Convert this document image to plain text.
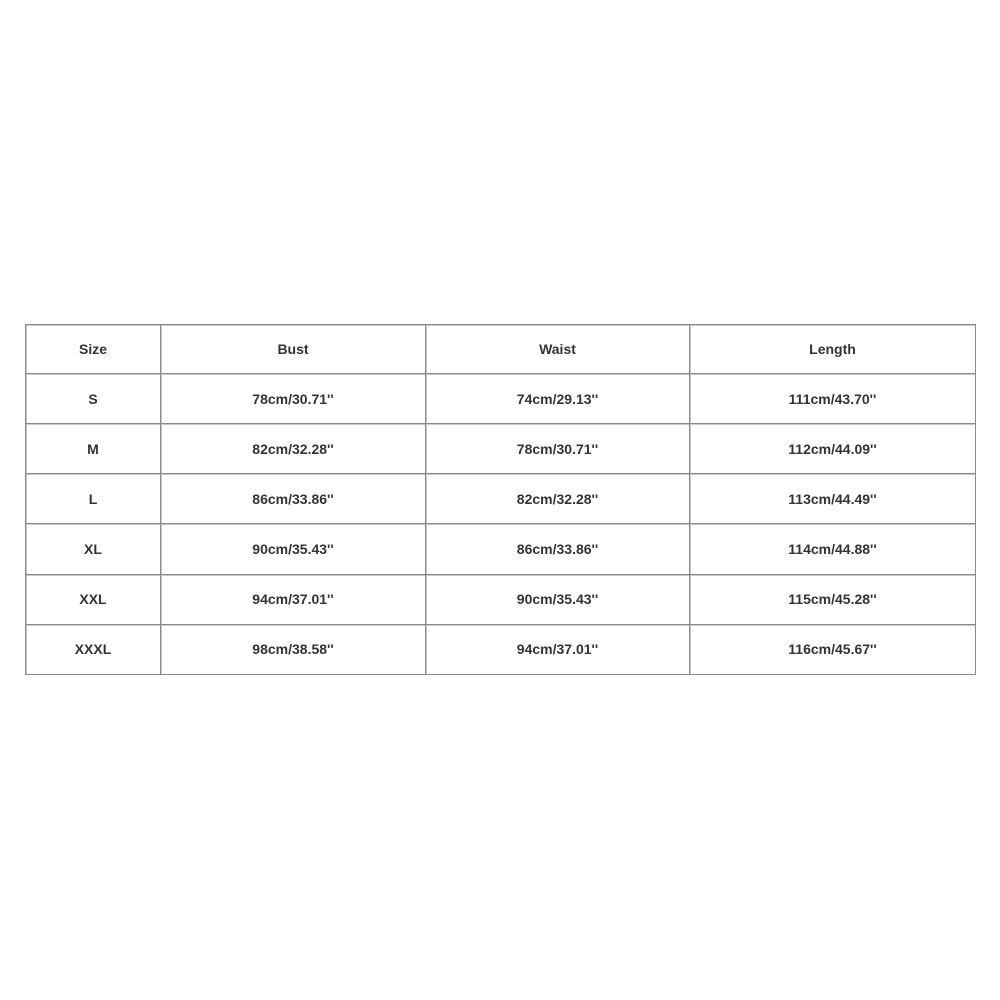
Size	Bust	Waist	Length
S	78cm/30.71''	74cm/29.13''	111cm/43.70''
M	82cm/32.28''	78cm/30.71''	112cm/44.09''
L	86cm/33.86''	82cm/32.28''	113cm/44.49''
XL	90cm/35.43''	86cm/33.86''	114cm/44.88''
XXL	94cm/37.01''	90cm/35.43''	115cm/45.28''
XXXL	98cm/38.58''	94cm/37.01''	116cm/45.67''
